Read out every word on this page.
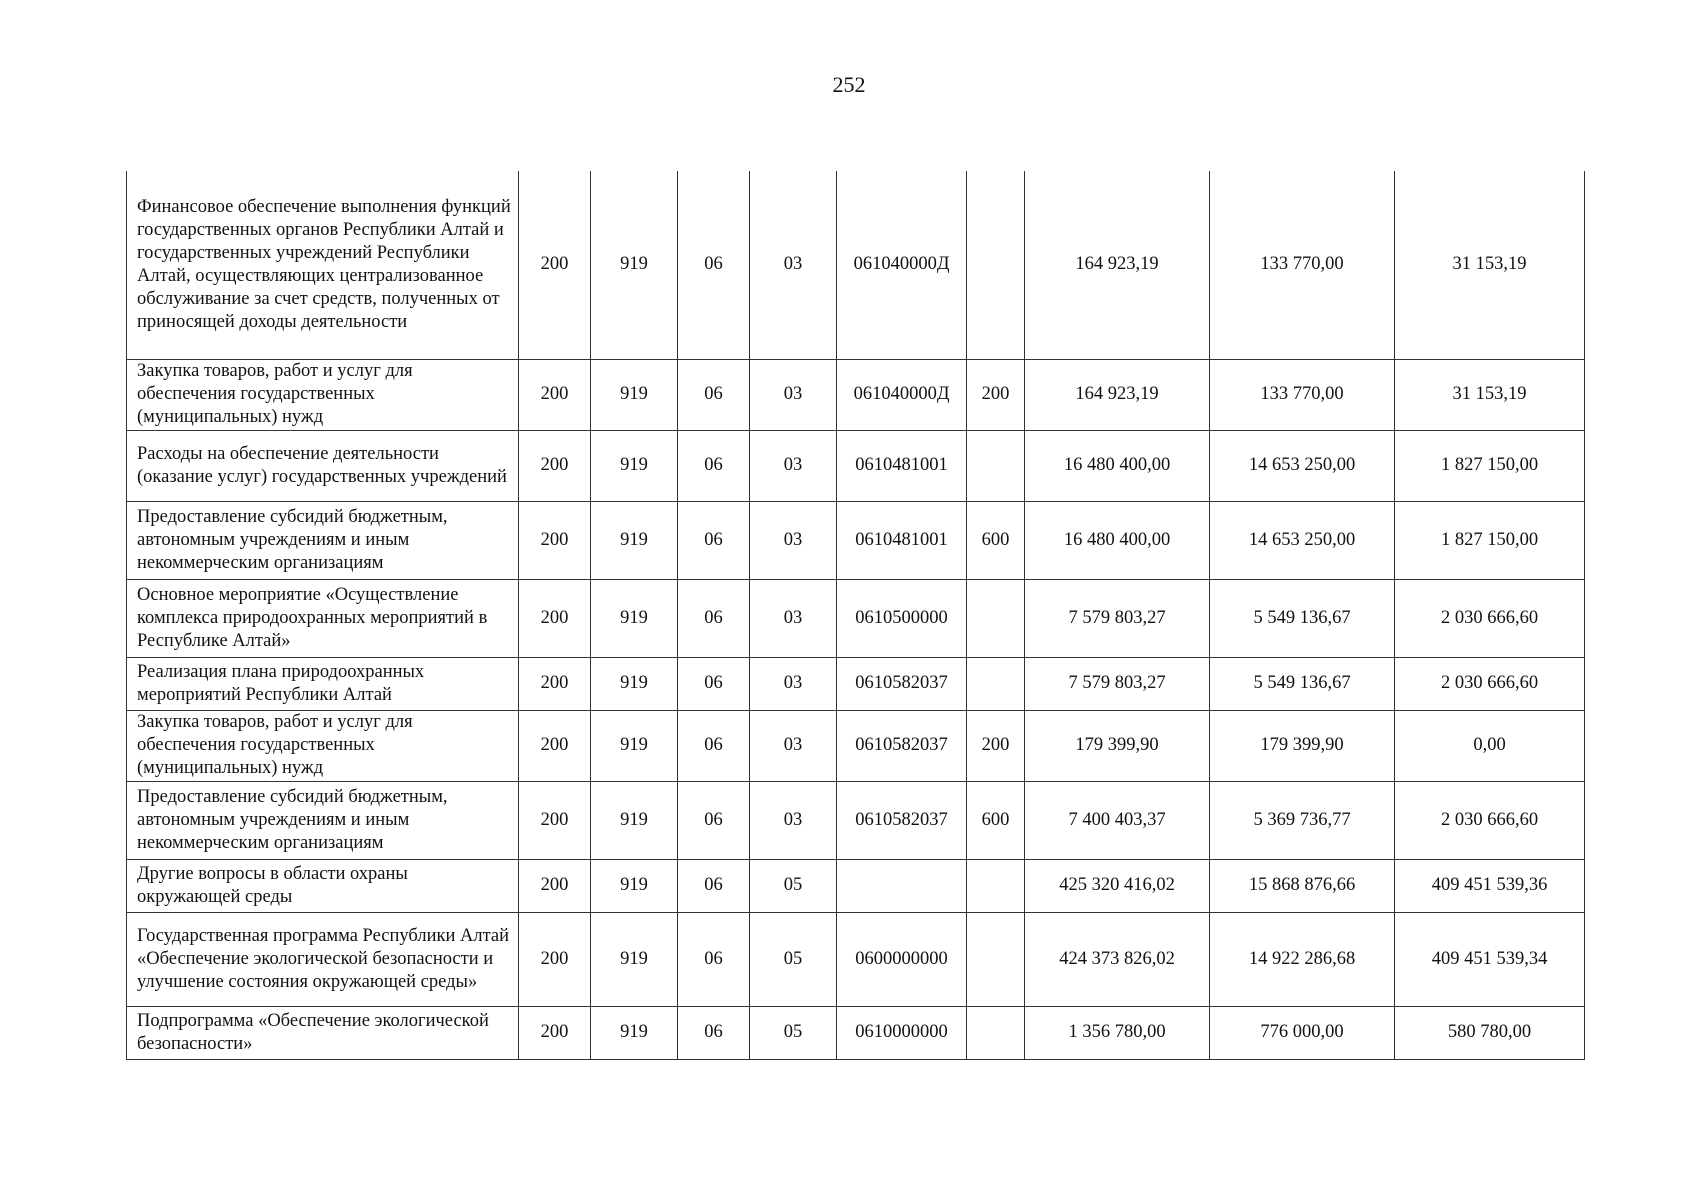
252
Финансовое обеспечение выполнения функций государственных органов Республики Алтай и государственных учреждений Республики Алтай, осуществляющих централизованное обслуживание за счет средств, полученных от приносящей доходы деятельности	200	919	06	03	061040000Д		164 923,19	133 770,00	31 153,19

Закупка товаров, работ и услуг для обеспечения государственных (муниципальных) нужд	200	919	06	03	061040000Д	200	164 923,19	133 770,00	31 153,19

Расходы на обеспечение деятельности (оказание услуг) государственных учреждений	200	919	06	03	0610481001		16 480 400,00	14 653 250,00	1 827 150,00

Предоставление субсидий бюджетным, автономным учреждениям и иным некоммерческим организациям	200	919	06	03	0610481001	600	16 480 400,00	14 653 250,00	1 827 150,00

Основное мероприятие «Осуществление комплекса природоохранных мероприятий в Республике Алтай»	200	919	06	03	0610500000		7 579 803,27	5 549 136,67	2 030 666,60

Реализация плана природоохранных мероприятий Республики Алтай	200	919	06	03	0610582037		7 579 803,27	5 549 136,67	2 030 666,60

Закупка товаров, работ и услуг для обеспечения государственных (муниципальных) нужд	200	919	06	03	0610582037	200	179 399,90	179 399,90	0,00

Предоставление субсидий бюджетным, автономным учреждениям и иным некоммерческим организациям	200	919	06	03	0610582037	600	7 400 403,37	5 369 736,77	2 030 666,60

Другие вопросы в области охраны окружающей среды	200	919	06	05			425 320 416,02	15 868 876,66	409 451 539,36

Государственная программа Республики Алтай «Обеспечение экологической безопасности и улучшение состояния окружающей среды»	200	919	06	05	0600000000		424 373 826,02	14 922 286,68	409 451 539,34

Подпрограмма «Обеспечение экологической безопасности»	200	919	06	05	0610000000		1 356 780,00	776 000,00	580 780,00
